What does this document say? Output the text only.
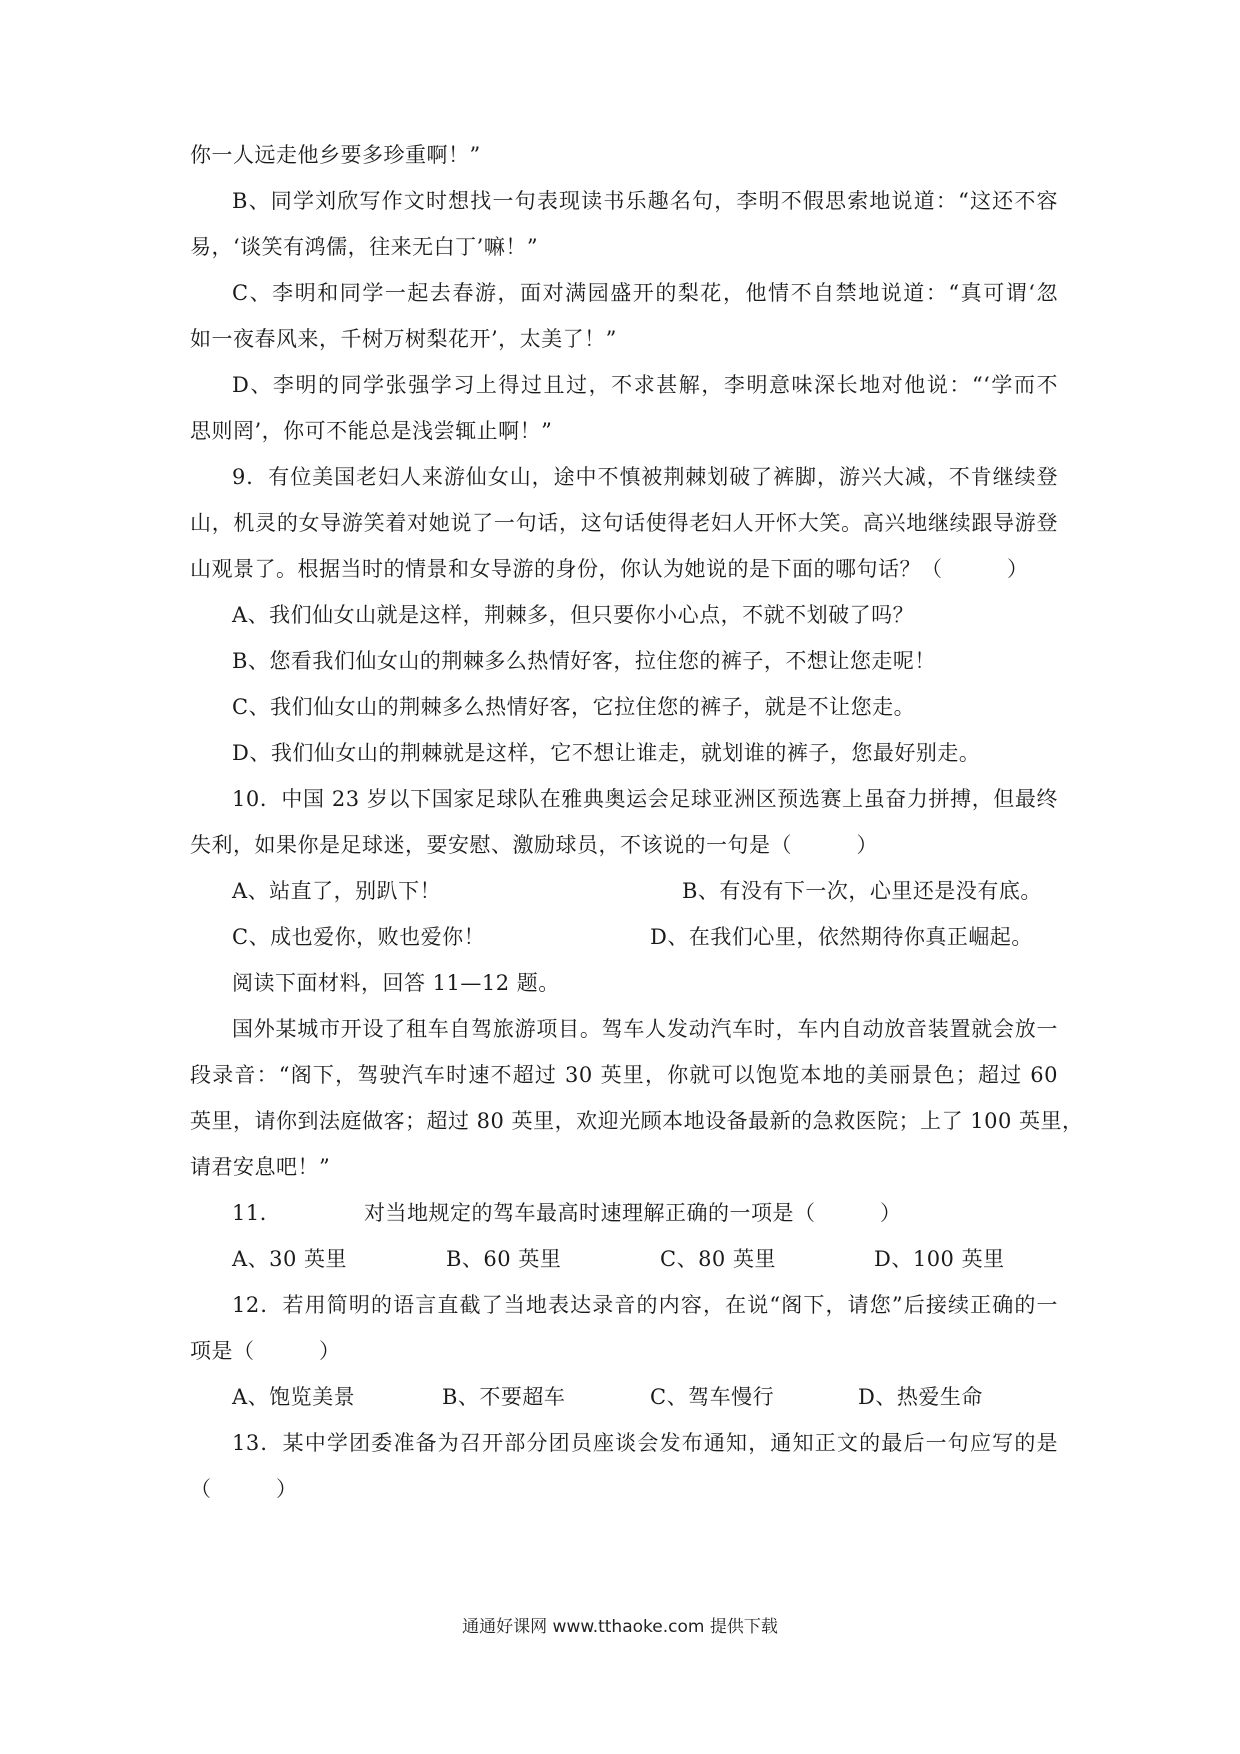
你一人远走他乡要多珍重啊！”
B、同学刘欣写作文时想找一句表现读书乐趣名句，李明不假思索地说道：“这还不容
易，‘谈笑有鸿儒，往来无白丁’嘛！”
C、李明和同学一起去春游，面对满园盛开的梨花，他情不自禁地说道：“真可谓‘忽
如一夜春风来，千树万树梨花开’，太美了！”
D、李明的同学张强学习上得过且过，不求甚解，李明意味深长地对他说：“‘学而不
思则罔’，你可不能总是浅尝辄止啊！”
9．有位美国老妇人来游仙女山，途中不慎被荆棘划破了裤脚，游兴大减，不肯继续登
山，机灵的女导游笑着对她说了一句话，这句话使得老妇人开怀大笑。高兴地继续跟导游登
山观景了。根据当时的情景和女导游的身份，你认为她说的是下面的哪句话？（　　　）
A、我们仙女山就是这样，荆棘多，但只要你小心点，不就不划破了吗？
B、您看我们仙女山的荆棘多么热情好客，拉住您的裤子，不想让您走呢！
C、我们仙女山的荆棘多么热情好客，它拉住您的裤子，就是不让您走。
D、我们仙女山的荆棘就是这样，它不想让谁走，就划谁的裤子，您最好别走。
10．中国 23 岁以下国家足球队在雅典奥运会足球亚洲区预选赛上虽奋力拼搏，但最终
失利，如果你是足球迷，要安慰、激励球员，不该说的一句是（　　　）
A、站直了，别趴下！	B、有没有下一次，心里还是没有底。
C、成也爱你，败也爱你！	D、在我们心里，依然期待你真正崛起。
阅读下面材料，回答 11—12 题。
国外某城市开设了租车自驾旅游项目。驾车人发动汽车时，车内自动放音装置就会放一
段录音：“阁下，驾驶汽车时速不超过 30 英里，你就可以饱览本地的美丽景色；超过 60
英里，请你到法庭做客；超过 80 英里，欢迎光顾本地设备最新的急救医院；上了 100 英里，
请君安息吧！”
11．	对当地规定的驾车最高时速理解正确的一项是（　　　）
A、30 英里	B、60 英里	C、80 英里	D、100 英里
12．若用简明的语言直截了当地表达录音的内容，在说“阁下，请您”后接续正确的一
项是（　　　）
A、饱览美景	B、不要超车	C、驾车慢行	D、热爱生命
13．某中学团委准备为召开部分团员座谈会发布通知，通知正文的最后一句应写的是
（　　　）
通通好课网 www.tthaoke.com 提供下载
